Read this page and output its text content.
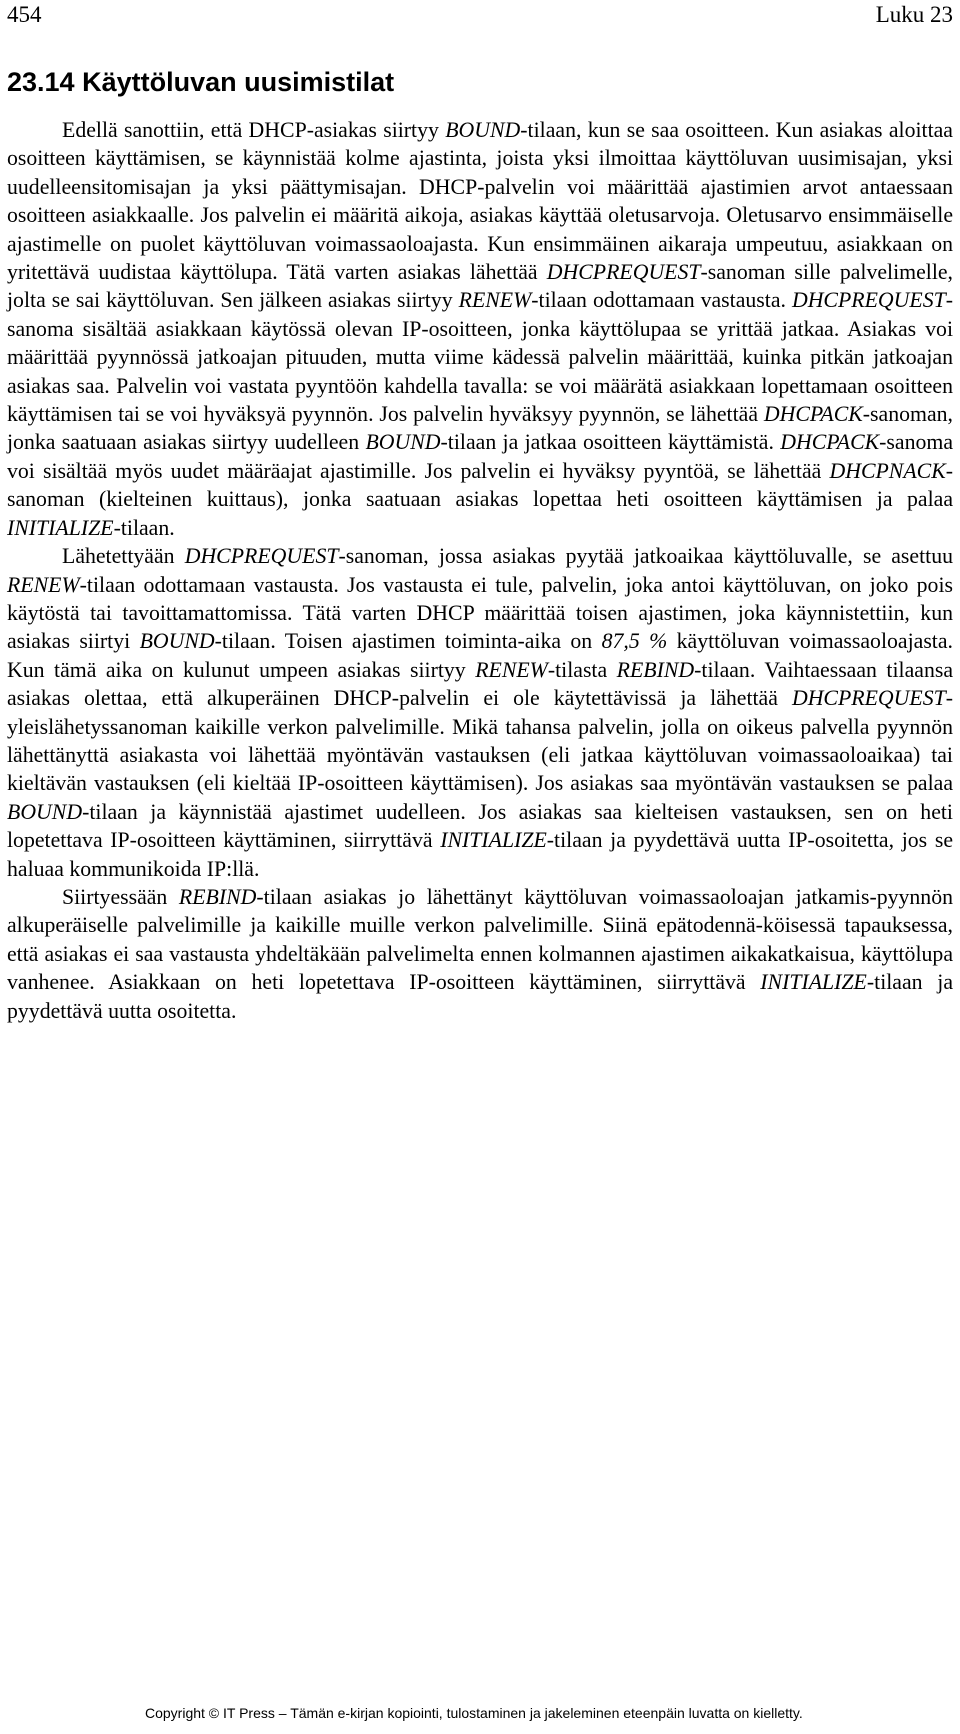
454	Luku 23
23.14 Käyttöluvan uusimistilat

Edellä sanottiin, että DHCP-asiakas siirtyy BOUND-tilaan, kun se saa osoitteen. Kun asiakas aloittaa osoitteen käyttämisen, se käynnistää kolme ajastinta, joista yksi ilmoittaa käyttöluvan uusimisajan, yksi uudelleensitomisajan ja yksi päättymisajan. DHCP-palvelin voi määrittää ajastimien arvot antaessaan osoitteen asiakkaalle. Jos palvelin ei määritä aikoja, asiakas käyttää oletusarvoja. Oletusarvo ensimmäiselle ajastimelle on puolet käyttöluvan voimassaoloajasta. Kun ensimmäinen aikaraja umpeutuu, asiakkaan on yritettävä uudistaa käyttölupa. Tätä varten asiakas lähettää DHCPREQUEST-sanoman sille palvelimelle, jolta se sai käyttöluvan. Sen jälkeen asiakas siirtyy RENEW-tilaan odottamaan vastausta. DHCPREQUEST-sanoma sisältää asiakkaan käytössä olevan IP-osoitteen, jonka käyttölupaa se yrittää jatkaa. Asiakas voi määrittää pyynnössä jatkoajan pituuden, mutta viime kädessä palvelin määrittää, kuinka pitkän jatkoajan asiakas saa. Palvelin voi vastata pyyntöön kahdella tavalla: se voi määrätä asiakkaan lopettamaan osoitteen käyttämisen tai se voi hyväksyä pyynnön. Jos palvelin hyväksyy pyynnön, se lähettää DHCPACK-sanoman, jonka saatuaan asiakas siirtyy uudelleen BOUND-tilaan ja jatkaa osoitteen käyttämistä. DHCPACK-sanoma voi sisältää myös uudet määräajat ajastimille. Jos palvelin ei hyväksy pyyntöä, se lähettää DHCPNACK-sanoman (kielteinen kuittaus), jonka saatuaan asiakas lopettaa heti osoitteen käyttämisen ja palaa INITIALIZE-tilaan.

Lähetettyään DHCPREQUEST-sanoman, jossa asiakas pyytää jatkoaikaa käyttöluvalle, se asettuu RENEW-tilaan odottamaan vastausta. Jos vastausta ei tule, palvelin, joka antoi käyttöluvan, on joko pois käytöstä tai tavoittamattomissa. Tätä varten DHCP määrittää toisen ajastimen, joka käynnistettiin, kun asiakas siirtyi BOUND-tilaan. Toisen ajastimen toiminta-aika on 87,5 % käyttöluvan voimassaoloajasta. Kun tämä aika on kulunut umpeen asiakas siirtyy RENEW-tilasta REBIND-tilaan. Vaihtaessaan tilaansa asiakas olettaa, että alkuperäinen DHCP-palvelin ei ole käytettävissä ja lähettää DHCPREQUEST-yleislähetyssanoman kaikille verkon palvelimille. Mikä tahansa palvelin, jolla on oikeus palvella pyynnön lähettänyttä asiakasta voi lähettää myöntävän vastauksen (eli jatkaa käyttöluvan voimassaoloaikaa) tai kieltävän vastauksen (eli kieltää IP-osoitteen käyttämisen). Jos asiakas saa myöntävän vastauksen se palaa BOUND-tilaan ja käynnistää ajastimet uudelleen. Jos asiakas saa kielteisen vastauksen, sen on heti lopetettava IP-osoitteen käyttäminen, siirryttävä INITIALIZE-tilaan ja pyydettävä uutta IP-osoitetta, jos se haluaa kommunikoida IP:llä.

Siirtyessään REBIND-tilaan asiakas jo lähettänyt käyttöluvan voimassaoloajan jatkamis-pyynnön alkuperäiselle palvelimille ja kaikille muille verkon palvelimille. Siinä epätodennä-köisessä tapauksessa, että asiakas ei saa vastausta yhdeltäkään palvelimelta ennen kolmannen ajastimen aikakatkaisua, käyttölupa vanhenee. Asiakkaan on heti lopetettava IP-osoitteen käyttäminen, siirryttävä INITIALIZE-tilaan ja pyydettävä uutta osoitetta.

Copyright © IT Press – Tämän e-kirjan kopiointi, tulostaminen ja jakeleminen eteenpäin luvatta on kielletty.
